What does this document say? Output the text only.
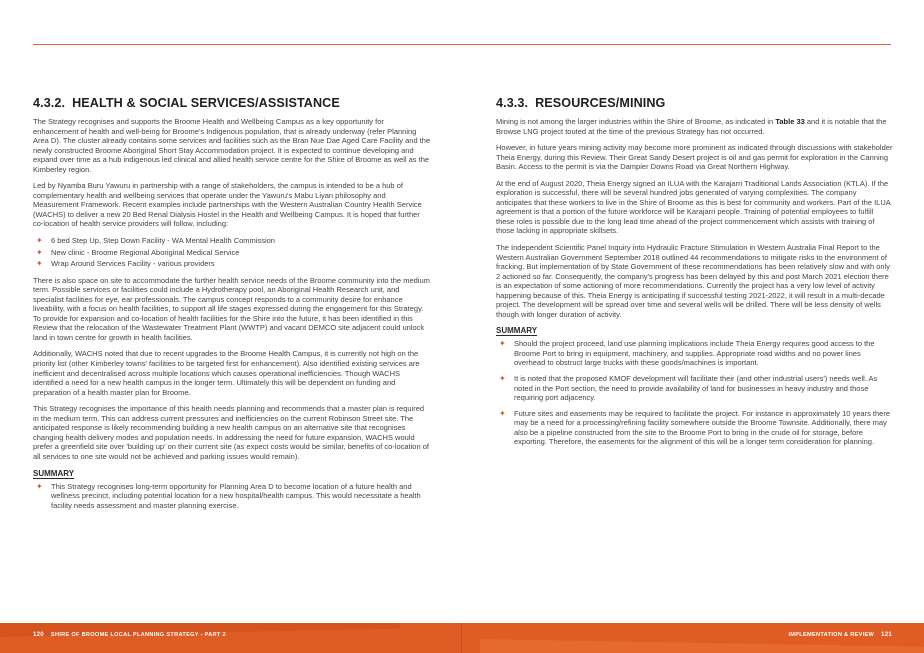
4.3.2. HEALTH & SOCIAL SERVICES/ASSISTANCE

The Strategy recognises and supports the Broome Health and Wellbeing Campus as a key opportunity for enhancement of health and well-being for Broome's Indigenous population, that is already underway (refer Planning Area D). The cluster already contains some services and facilities such as the Bran Nue Dae Aged Care Facility and the newly constructed Broome Aboriginal Short Stay Accommodation project. It is expected to continue developing and expand over time as a hub indigenous led clinical and allied health service centre for the Shire of Broome as well as the Kimberley region.

Led by Nyamba Buru Yawuru in partnership with a range of stakeholders, the campus is intended to be a hub of complementary health and wellbeing services that operate under the Yawuru's Mabu Liyan philosophy and Measurement Framework. Recent examples include partnerships with the Western Australian Country Health Service (WACHS) to deliver a new 20 Bed Renal Dialysis Hostel in the Health and Wellbeing Campus. It is hoped that further co-location of health service providers will follow, including:

✦ 6 bed Step Up, Step Down Facility - WA Mental Health Commission
✦ New clinic - Broome Regional Aboriginal Medical Service
✦ Wrap Around Services Facility - various providers

There is also space on site to accommodate the further health service needs of the Broome community into the medium term. Possible services or facilities could include a Hydrotherapy pool, an Aboriginal Health Research unit, and specialist facilities for eye, ear professionals. The campus concept responds to a community desire for enhance liveability, with a focus on health facilities, to support all life stages expressed during the engagement for this Strategy. To provide for expansion and co-location of health facilities for the Shire into the future, it has been identified in this Review that the relocation of the Wastewater Treatment Plant (WWTP) and vacant DEMCO site adjacent could unlock land in town centre for growth in health facilities.

Additionally, WACHS noted that due to recent upgrades to the Broome Health Campus, it is currently not high on the priority list (other Kimberley towns' facilities to be targeted first for enhancement). Also identified existing services are inefficient and decentralised across multiple locations which causes operational inefficiencies. Though WACHS identified a need for a new health campus in the longer term. Ultimately this will be dependent on funding and preparation of a health master plan for Broome.

This Strategy recognises the importance of this health needs planning and recommends that a master plan is required in the medium term. This can address current pressures and inefficiencies on the current Robinson Street site. The anticipated response is likely recommending building a new health campus on an alternative site that recognises changing health delivery modes and population needs. In addressing the need for future expansion, WACHS would prefer a greenfield site over 'building up' on their current site (as expect costs would be similar, benefits of co-location of all services to one site would not be achieved and parking issues would remain).

SUMMARY
✦ This Strategy recognises long-term opportunity for Planning Area D to become location of a future health and wellness precinct, including potential location for a new hospital/health campus. This would necessitate a health facility needs assessment and master planning exercise.
4.3.3. RESOURCES/MINING

Mining is not among the larger industries within the Shire of Broome, as indicated in Table 33 and it is notable that the Browse LNG project touted at the time of the previous Strategy has not occurred.

However, in future years mining activity may become more prominent as indicated through discussions with stakeholder Theia Energy, during this Review. Their Great Sandy Desert project is oil and gas permit for exploration in the Canning Basin. Access to the permit is via the Dampier Downs Road via Great Northern Highway.

At the end of August 2020, Theia Energy signed an ILUA with the Karajarri Traditional Lands Association (KTLA). If the exploration is successful, there will be several hundred jobs generated of varying complexities. The company anticipates that these workers to live in the Shire of Broome as this is best for community and workers. Part of the ILUA agreement is that a portion of the future workforce will be Karajarri people. Training of potential employees to fulfill these roles is possible due to the long lead time ahead of the project commencement which assists with training of those lacking in appropriate skillsets.

The Independent Scientific Panel Inquiry into Hydraulic Fracture Stimulation in Western Australia Final Report to the Western Australian Government September 2018 outlined 44 recommendations to mitigate risks to the environment of fracking. But implementation of by State Government of these recommendations has been relatively slow and with only 2 actioned so far. Consequently, the company's progress has been delayed by this and post March 2021 election there is an expectation of some actioning of more recommendations. Currently the project has a very low level of activity happening because of this. Theia Energy is anticipating if successful testing 2021-2022, it will result in a multi-decade project. The development will be spread over time and several wells will be drilled. There will be less density of wells though with longer duration of activity.

SUMMARY
✦ Should the project proceed, land use planning implications include Theia Energy requires good access to the Broome Port to bring in equipment, machinery, and supplies. Appropriate road widths and no power lines overhead to obstruct large trucks with these goods/machines is important.
✦ It is noted that the proposed KMOF development will facilitate their (and other industrial users') needs well. As noted in the Port section, the need to provide availability of land for businesses in heavy industry and those requiring port adjacency.
✦ Future sites and easements may be required to facilitate the project. For instance in approximately 10 years there may be a need for a processing/refining facility somewhere outside the Broome Townsite. Additionally, there may also be a pipeline constructed from the site to the Broome Port to bring in the crude oil for storage, before exporting. Therefore, the easements for the alignment of this will be a longer term consideration for planning.
120 SHIRE OF BROOME LOCAL PLANNING STRATEGY - PART 2	IMPLEMENTATION & REVIEW 121
